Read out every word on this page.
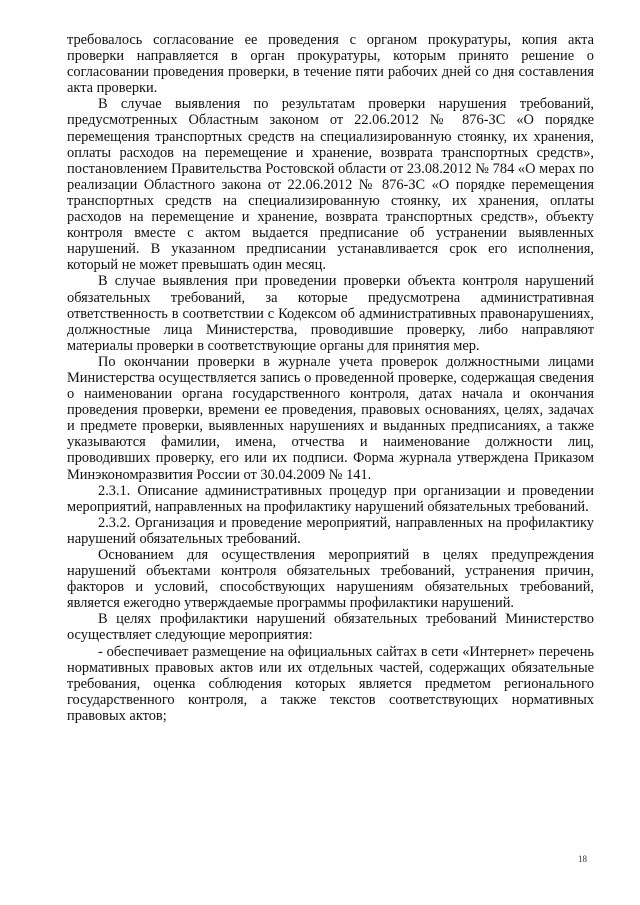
требовалось согласование ее проведения с органом прокуратуры, копия акта проверки направляется в орган прокуратуры, которым принято решение о согласовании проведения проверки, в течение пяти рабочих дней со дня составления акта проверки.

В случае выявления по результатам проверки нарушения требований, предусмотренных Областным законом от 22.06.2012 № 876-ЗС «О порядке перемещения транспортных средств на специализированную стоянку, их хранения, оплаты расходов на перемещение и хранение, возврата транспортных средств», постановлением Правительства Ростовской области от 23.08.2012 № 784 «О мерах по реализации Областного закона от 22.06.2012 № 876-ЗС «О порядке перемещения транспортных средств на специализированную стоянку, их хранения, оплаты расходов на перемещение и хранение, возврата транспортных средств», объекту контроля вместе с актом выдается предписание об устранении выявленных нарушений. В указанном предписании устанавливается срок его исполнения, который не может превышать один месяц.

В случае выявления при проведении проверки объекта контроля нарушений обязательных требований, за которые предусмотрена административная ответственность в соответствии с Кодексом об административных правонарушениях, должностные лица Министерства, проводившие проверку, либо направляют материалы проверки в соответствующие органы для принятия мер.

По окончании проверки в журнале учета проверок должностными лицами Министерства осуществляется запись о проведенной проверке, содержащая сведения о наименовании органа государственного контроля, датах начала и окончания проведения проверки, времени ее проведения, правовых основаниях, целях, задачах и предмете проверки, выявленных нарушениях и выданных предписаниях, а также указываются фамилии, имена, отчества и наименование должности лиц, проводивших проверку, его или их подписи. Форма журнала утверждена Приказом Минэкономразвития России от 30.04.2009 № 141.

2.3.1. Описание административных процедур при организации и проведении мероприятий, направленных на профилактику нарушений обязательных требований.

2.3.2. Организация и проведение мероприятий, направленных на профилактику нарушений обязательных требований.

Основанием для осуществления мероприятий в целях предупреждения нарушений объектами контроля обязательных требований, устранения причин, факторов и условий, способствующих нарушениям обязательных требований, является ежегодно утверждаемые программы профилактики нарушений.

В целях профилактики нарушений обязательных требований Министерство осуществляет следующие мероприятия:

- обеспечивает размещение на официальных сайтах в сети «Интернет» перечень нормативных правовых актов или их отдельных частей, содержащих обязательные требования, оценка соблюдения которых является предметом регионального государственного контроля, а также текстов соответствующих нормативных правовых актов;

18
